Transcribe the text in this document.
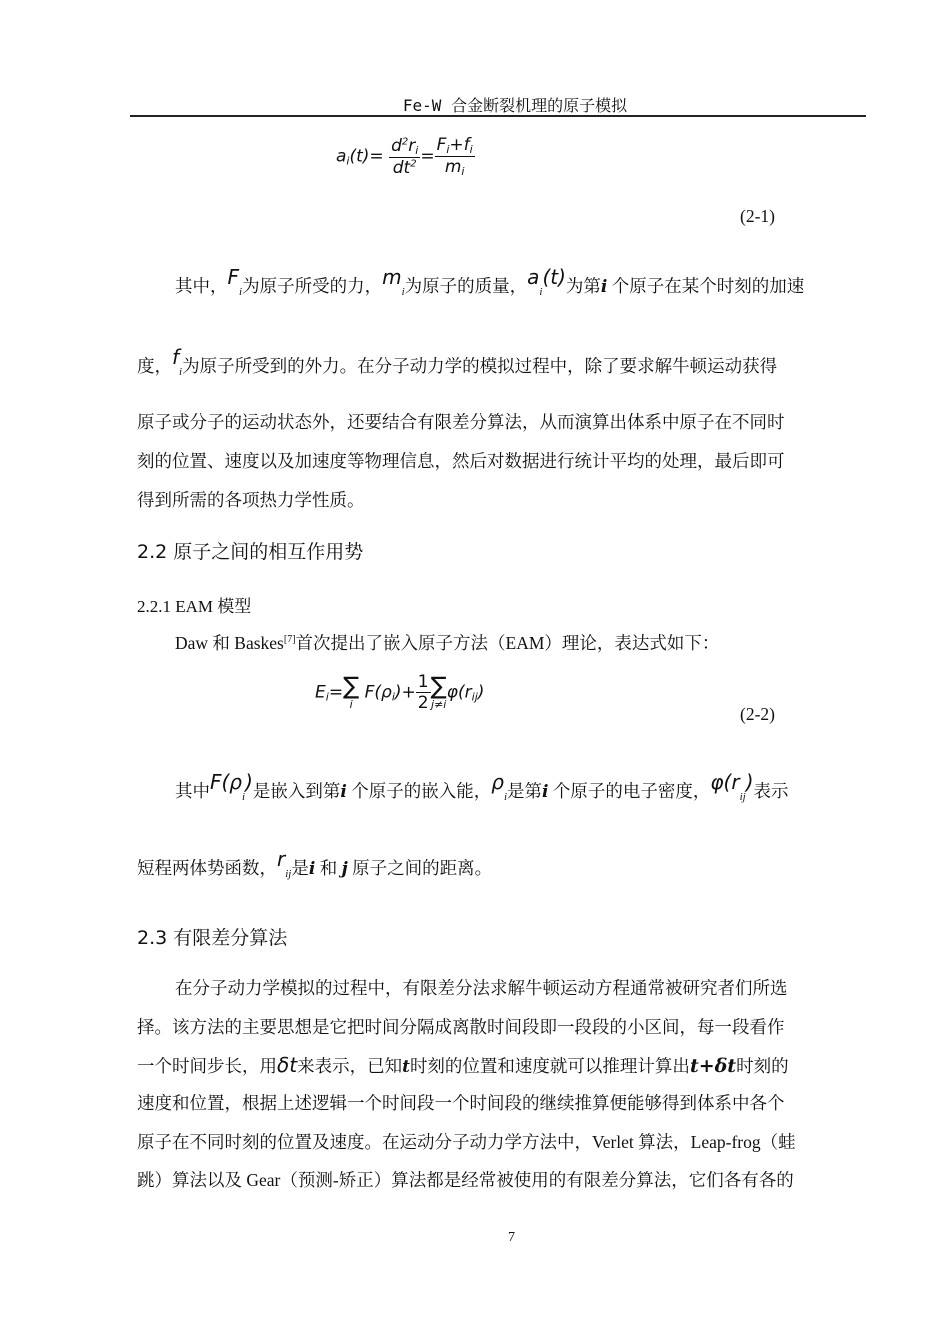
Fe-W 合金断裂机理的原子模拟
$a_i(t)= \frac{d^2r_i}{dt^2} = \frac{F_i+f_i}{m_i}$
(2-1)
其中，$F_i$为原子所受的力，$m_i$为原子的质量，$a_i(t)$为第i 个原子在某个时刻的加速
度，$f_i$为原子所受到的外力。在分子动力学的模拟过程中，除了要求解牛顿运动获得
原子或分子的运动状态外，还要结合有限差分算法，从而演算出体系中原子在不同时
刻的位置、速度以及加速度等物理信息，然后对数据进行统计平均的处理，最后即可
得到所需的各项热力学性质。
2.2 原子之间的相互作用势
2.2.1 EAM 模型
Daw 和 Baskes[7]首次提出了嵌入原子方法（EAM）理论，表达式如下：
$E_i=$ ∑
i
$F(\rho_i)+ \frac{1}{2}$ ∑
j≠i
$\varphi(r_{ij})$
(2-2)
其中$F(\rho_i)$是嵌入到第i 个原子的嵌入能，$\rho_i$是第i 个原子的电子密度，$\varphi(r_{ij})$表示
短程两体势函数，$r_{ij}$是i 和 j 原子之间的距离。
2.3 有限差分算法
在分子动力学模拟的过程中，有限差分法求解牛顿运动方程通常被研究者们所选
择。该方法的主要思想是它把时间分隔成离散时间段即一段段的小区间，每一段看作
一个时间步长，用δt来表示，已知t时刻的位置和速度就可以推理计算出t+δt时刻的
速度和位置，根据上述逻辑一个时间段一个时间段的继续推算便能够得到体系中各个
原子在不同时刻的位置及速度。在运动分子动力学方法中，Verlet 算法，Leap-frog（蛙
跳）算法以及 Gear（预测-矫正）算法都是经常被使用的有限差分算法，它们各有各的
7
